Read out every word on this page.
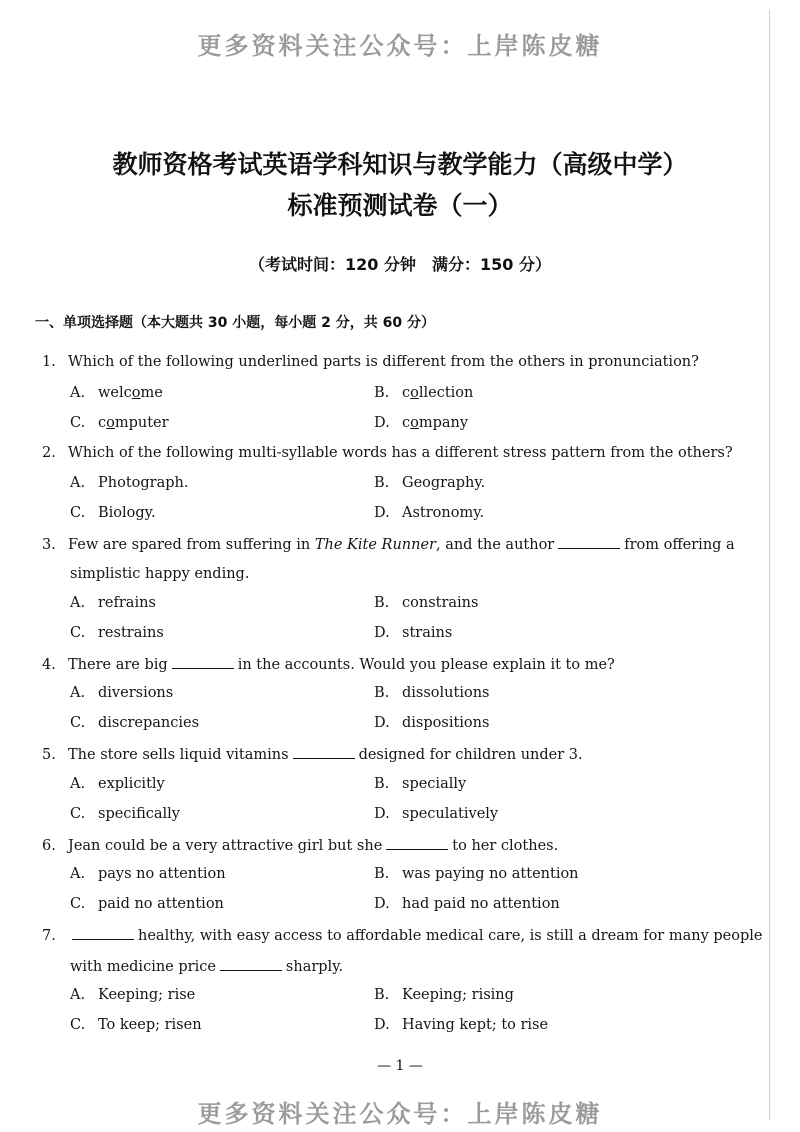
更多资料关注公众号：上岸陈皮糖
教师资格考试英语学科知识与教学能力（高级中学）
标准预测试卷（一）
（考试时间：120 分钟　满分：150 分）
一、单项选择题（本大题共 30 小题，每小题 2 分，共 60 分）
1. Which of the following underlined parts is different from the others in pronunciation?
A. welcome	B. collection
C. computer	D. company
2. Which of the following multi-syllable words has a different stress pattern from the others?
A. Photograph.	B. Geography.
C. Biology.	D. Astronomy.
3. Few are spared from suffering in The Kite Runner, and the author	from offering a
simplistic happy ending.
A. refrains	B. constrains
C. restrains	D. strains
4. There are big	in the accounts. Would you please explain it to me?
A. diversions	B. dissolutions
C. discrepancies	D. dispositions
5. The store sells liquid vitamins	designed for children under 3.
A. explicitly	B. specially
C. specifically	D. speculatively
6. Jean could be a very attractive girl but she	to her clothes.
A. pays no attention	B. was paying no attention
C. paid no attention	D. had paid no attention
7.	healthy, with easy access to affordable medical care, is still a dream for many people
with medicine price	sharply.
A. Keeping; rise	B. Keeping; rising
C. To keep; risen	D. Having kept; to rise
— 1 —
更多资料关注公众号：上岸陈皮糖
